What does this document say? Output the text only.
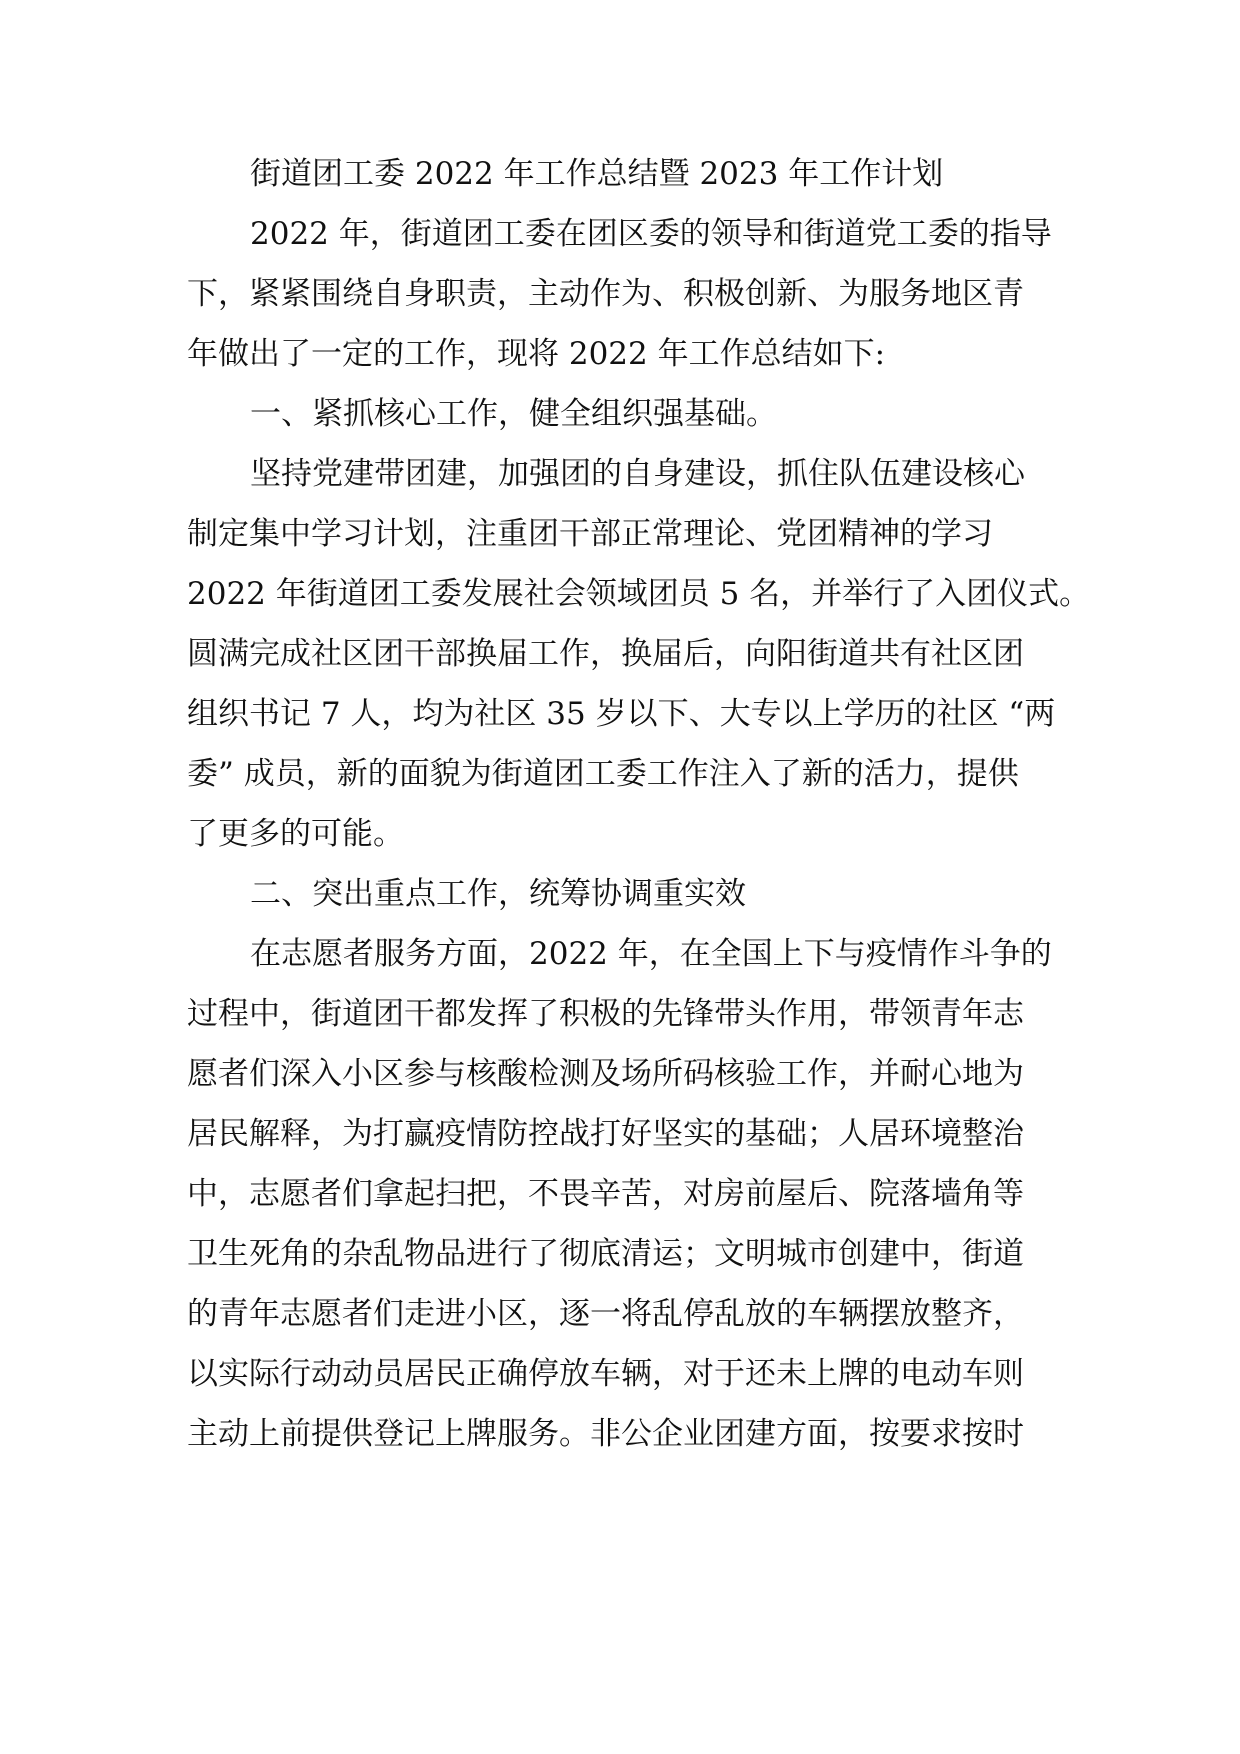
街道团工委 2022 年工作总结暨 2023 年工作计划

2022 年，街道团工委在团区委的领导和街道党工委的指导

下，紧紧围绕自身职责，主动作为、积极创新、为服务地区青

年做出了一定的工作，现将 2022 年工作总结如下:

一、紧抓核心工作，健全组织强基础。

坚持党建带团建，加强团的自身建设，抓住队伍建设核心

制定集中学习计划，注重团干部正常理论、党团精神的学习

2022 年街道团工委发展社会领域团员 5 名，并举行了入团仪式。

圆满完成社区团干部换届工作，换届后，向阳街道共有社区团

组织书记 7 人，均为社区 35 岁以下、大专以上学历的社区 “两

委” 成员，新的面貌为街道团工委工作注入了新的活力，提供

了更多的可能。

二、突出重点工作，统筹协调重实效

在志愿者服务方面，2022 年，在全国上下与疫情作斗争的

过程中，街道团干都发挥了积极的先锋带头作用，带领青年志

愿者们深入小区参与核酸检测及场所码核验工作，并耐心地为

居民解释，为打赢疫情防控战打好坚实的基础；人居环境整治

中，志愿者们拿起扫把，不畏辛苦，对房前屋后、院落墙角等

卫生死角的杂乱物品进行了彻底清运；文明城市创建中，街道

的青年志愿者们走进小区，逐一将乱停乱放的车辆摆放整齐，

以实际行动动员居民正确停放车辆，对于还未上牌的电动车则

主动上前提供登记上牌服务。非公企业团建方面，按要求按时
